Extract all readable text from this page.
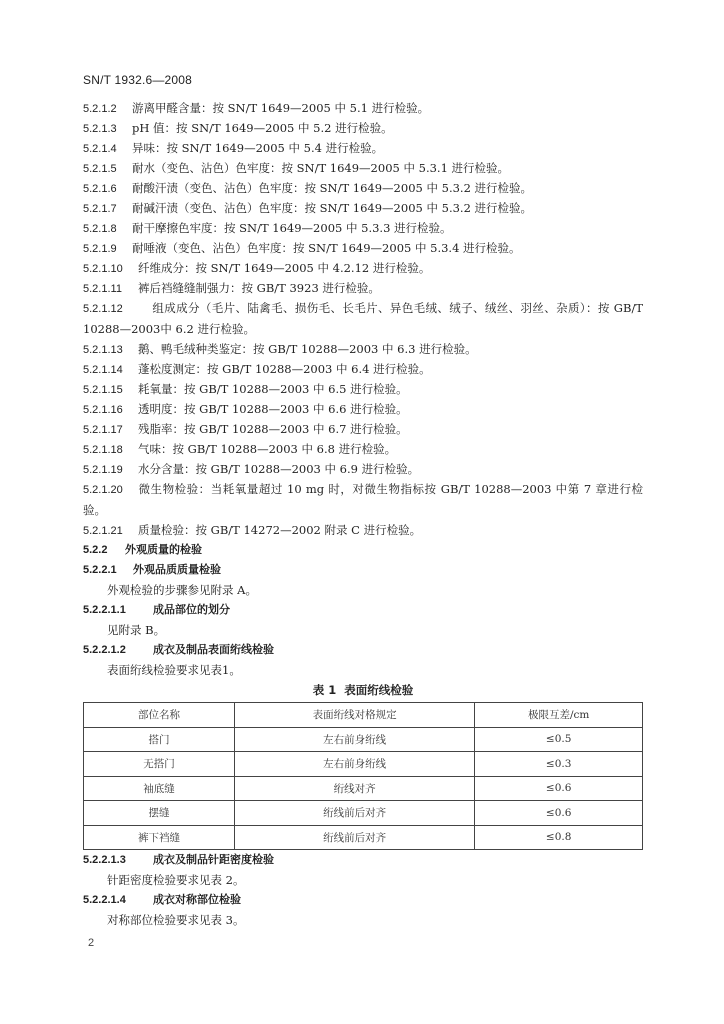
SN/T 1932.6—2008
5.2.1.2 游离甲醛含量：按 SN/T 1649—2005 中 5.1 进行检验。
5.2.1.3 pH 值：按 SN/T 1649—2005 中 5.2 进行检验。
5.2.1.4 异味：按 SN/T 1649—2005 中 5.4 进行检验。
5.2.1.5 耐水（变色、沾色）色牢度：按 SN/T 1649—2005 中 5.3.1 进行检验。
5.2.1.6 耐酸汗渍（变色、沾色）色牢度：按 SN/T 1649—2005 中 5.3.2 进行检验。
5.2.1.7 耐碱汗渍（变色、沾色）色牢度：按 SN/T 1649—2005 中 5.3.2 进行检验。
5.2.1.8 耐干摩擦色牢度：按 SN/T 1649—2005 中 5.3.3 进行检验。
5.2.1.9 耐唾液（变色、沾色）色牢度：按 SN/T 1649—2005 中 5.3.4 进行检验。
5.2.1.10 纤维成分：按 SN/T 1649—2005 中 4.2.12 进行检验。
5.2.1.11 裤后裆缝缝制强力：按 GB/T 3923 进行检验。
5.2.1.12	组成成分（毛片、陆禽毛、损伤毛、长毛片、异色毛绒、绒子、绒丝、羽丝、杂质）：按 GB/T 10288—2003中 6.2 进行检验。
5.2.1.13 鹅、鸭毛绒种类鉴定：按 GB/T 10288—2003 中 6.3 进行检验。
5.2.1.14 蓬松度测定：按 GB/T 10288—2003 中 6.4 进行检验。
5.2.1.15 耗氧量：按 GB/T 10288—2003 中 6.5 进行检验。
5.2.1.16 透明度：按 GB/T 10288—2003 中 6.6 进行检验。
5.2.1.17 残脂率：按 GB/T 10288—2003 中 6.7 进行检验。
5.2.1.18 气味：按 GB/T 10288—2003 中 6.8 进行检验。
5.2.1.19 水分含量：按 GB/T 10288—2003 中 6.9 进行检验。
5.2.1.20 微生物检验：当耗氧量超过 10 mg 时，对微生物指标按 GB/T 10288—2003 中第 7 章进行检验。
5.2.1.21 质量检验：按 GB/T 14272—2002 附录 C 进行检验。
5.2.2 外观质量的检验
5.2.2.1 外观品质质量检验
外观检验的步骤参见附录 A。
5.2.2.1.1 成品部位的划分
见附录 B。
5.2.2.1.2 成衣及制品表面绗线检验
表面绗线检验要求见表1。
表 1 表面绗线检验
部位名称	表面绗线对格规定	极限互差/cm
搭门	左右前身绗线	≤0.5
无搭门	左右前身绗线	≤0.3
袖底缝	绗线对齐	≤0.6
摆缝	绗线前后对齐	≤0.6
裤下裆缝	绗线前后对齐	≤0.8
5.2.2.1.3 成衣及制品针距密度检验
针距密度检验要求见表 2。
5.2.2.1.4 成衣对称部位检验
对称部位检验要求见表 3。
2
